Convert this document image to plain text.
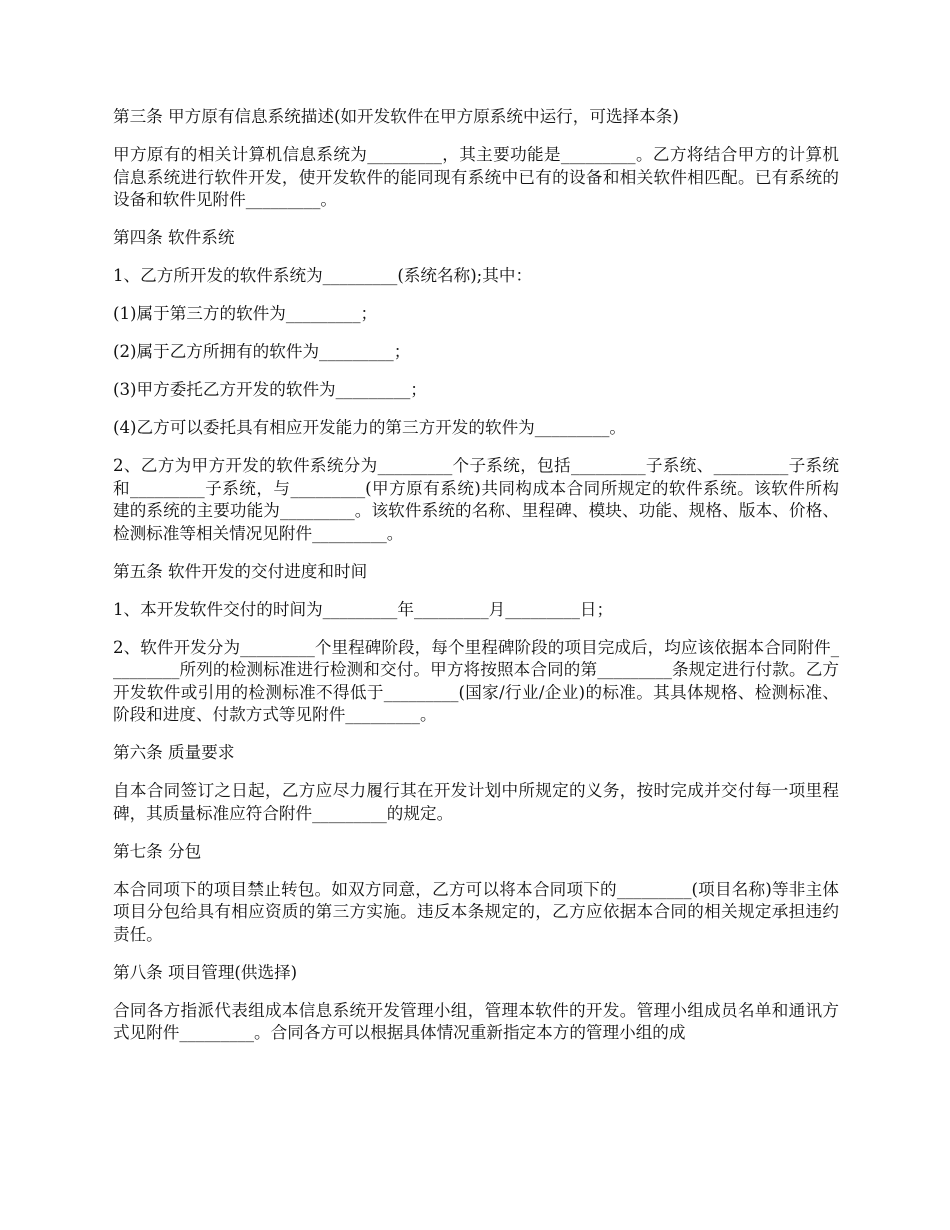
第三条 甲方原有信息系统描述(如开发软件在甲方原系统中运行，可选择本条)

甲方原有的相关计算机信息系统为_________，其主要功能是_________。乙方将结合甲方的计算机信息系统进行软件开发，使开发软件的能同现有系统中已有的设备和相关软件相匹配。已有系统的设备和软件见附件_________。

第四条 软件系统

1、乙方所开发的软件系统为_________(系统名称);其中：

(1)属于第三方的软件为_________；

(2)属于乙方所拥有的软件为_________；

(3)甲方委托乙方开发的软件为_________；

(4)乙方可以委托具有相应开发能力的第三方开发的软件为_________。

2、乙方为甲方开发的软件系统分为_________个子系统，包括_________子系统、_________子系统和_________子系统，与_________(甲方原有系统)共同构成本合同所规定的软件系统。该软件所构建的系统的主要功能为_________。该软件系统的名称、里程碑、模块、功能、规格、版本、价格、检测标准等相关情况见附件_________。

第五条 软件开发的交付进度和时间

1、本开发软件交付的时间为_________年_________月_________日；

2、软件开发分为_________个里程碑阶段，每个里程碑阶段的项目完成后，均应该依据本合同附件_________所列的检测标准进行检测和交付。甲方将按照本合同的第_________条规定进行付款。乙方开发软件或引用的检测标准不得低于_________(国家/行业/企业)的标准。其具体规格、检测标准、阶段和进度、付款方式等见附件_________。

第六条 质量要求

自本合同签订之日起，乙方应尽力履行其在开发计划中所规定的义务，按时完成并交付每一项里程碑，其质量标准应符合附件_________的规定。

第七条 分包

本合同项下的项目禁止转包。如双方同意，乙方可以将本合同项下的_________(项目名称)等非主体项目分包给具有相应资质的第三方实施。违反本条规定的，乙方应依据本合同的相关规定承担违约责任。

第八条 项目管理(供选择)

合同各方指派代表组成本信息系统开发管理小组，管理本软件的开发。管理小组成员名单和通讯方式见附件_________。合同各方可以根据具体情况重新指定本方的管理小组的成
